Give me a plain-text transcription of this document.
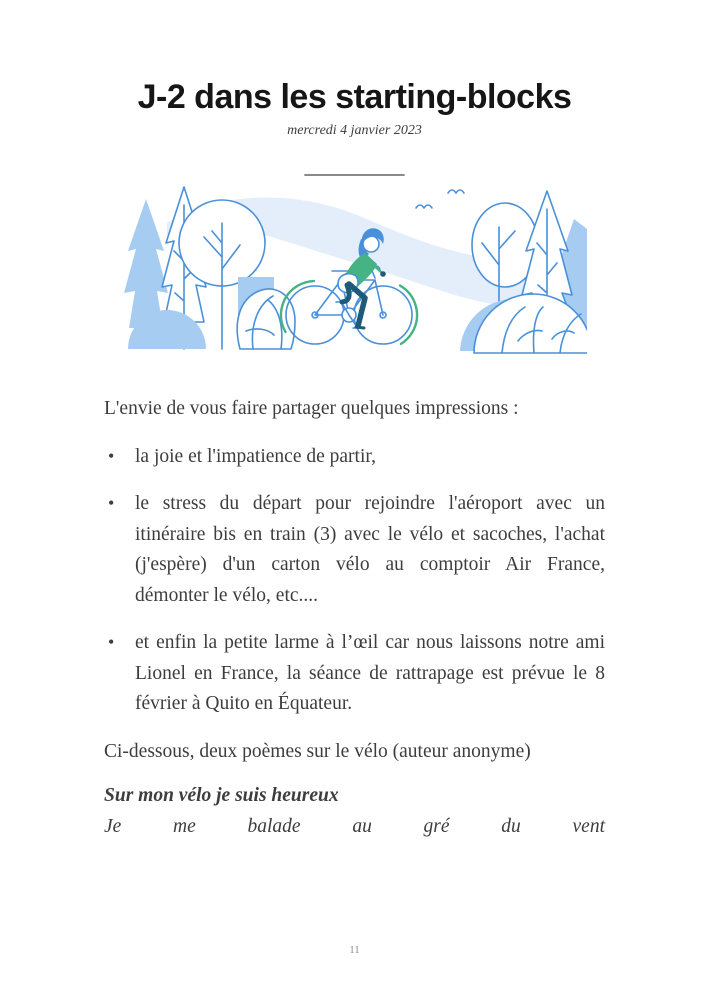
J-2 dans les starting-blocks
mercredi 4 janvier 2023
__________
L'envie de vous faire partager quelques impressions :
• la joie et l'impatience de partir,
• le stress du départ pour rejoindre l'aéroport avec un itinéraire bis en train (3) avec le vélo et sacoches, l'achat (j'espère) d'un carton vélo au comptoir Air France, démonter le vélo, etc....
• et enfin la petite larme à l’œil car nous laissons notre ami Lionel en France, la séance de rattrapage est prévue le 8 février à Quito en Équateur.
Ci-dessous, deux poèmes sur le vélo (auteur anonyme)
Sur mon vélo je suis heureux
Je me balade au gré du vent
11
